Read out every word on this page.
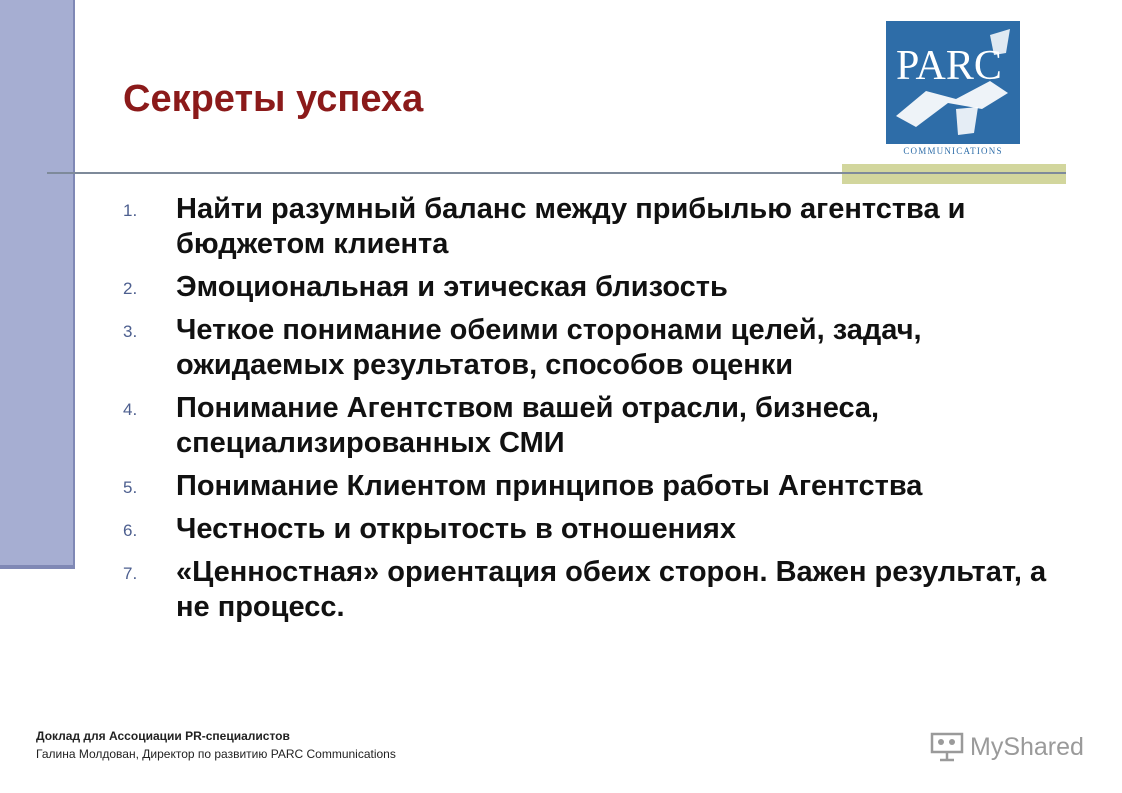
Секреты успеха
PARC
COMMUNICATIONS
1.	Найти разумный баланс между прибылью агентства и бюджетом клиента
2.	Эмоциональная и этическая близость
3.	Четкое понимание обеими сторонами целей, задач, ожидаемых результатов, способов оценки
4.	Понимание Агентством вашей отрасли, бизнеса, специализированных СМИ
5.	Понимание Клиентом принципов работы Агентства
6.	Честность и открытость в отношениях
7.	«Ценностная» ориентация обеих сторон. Важен результат, а не процесс.
Доклад для Ассоциации PR-специалистов
Галина Молдован, Директор по развитию PARC Communications	MyShared
